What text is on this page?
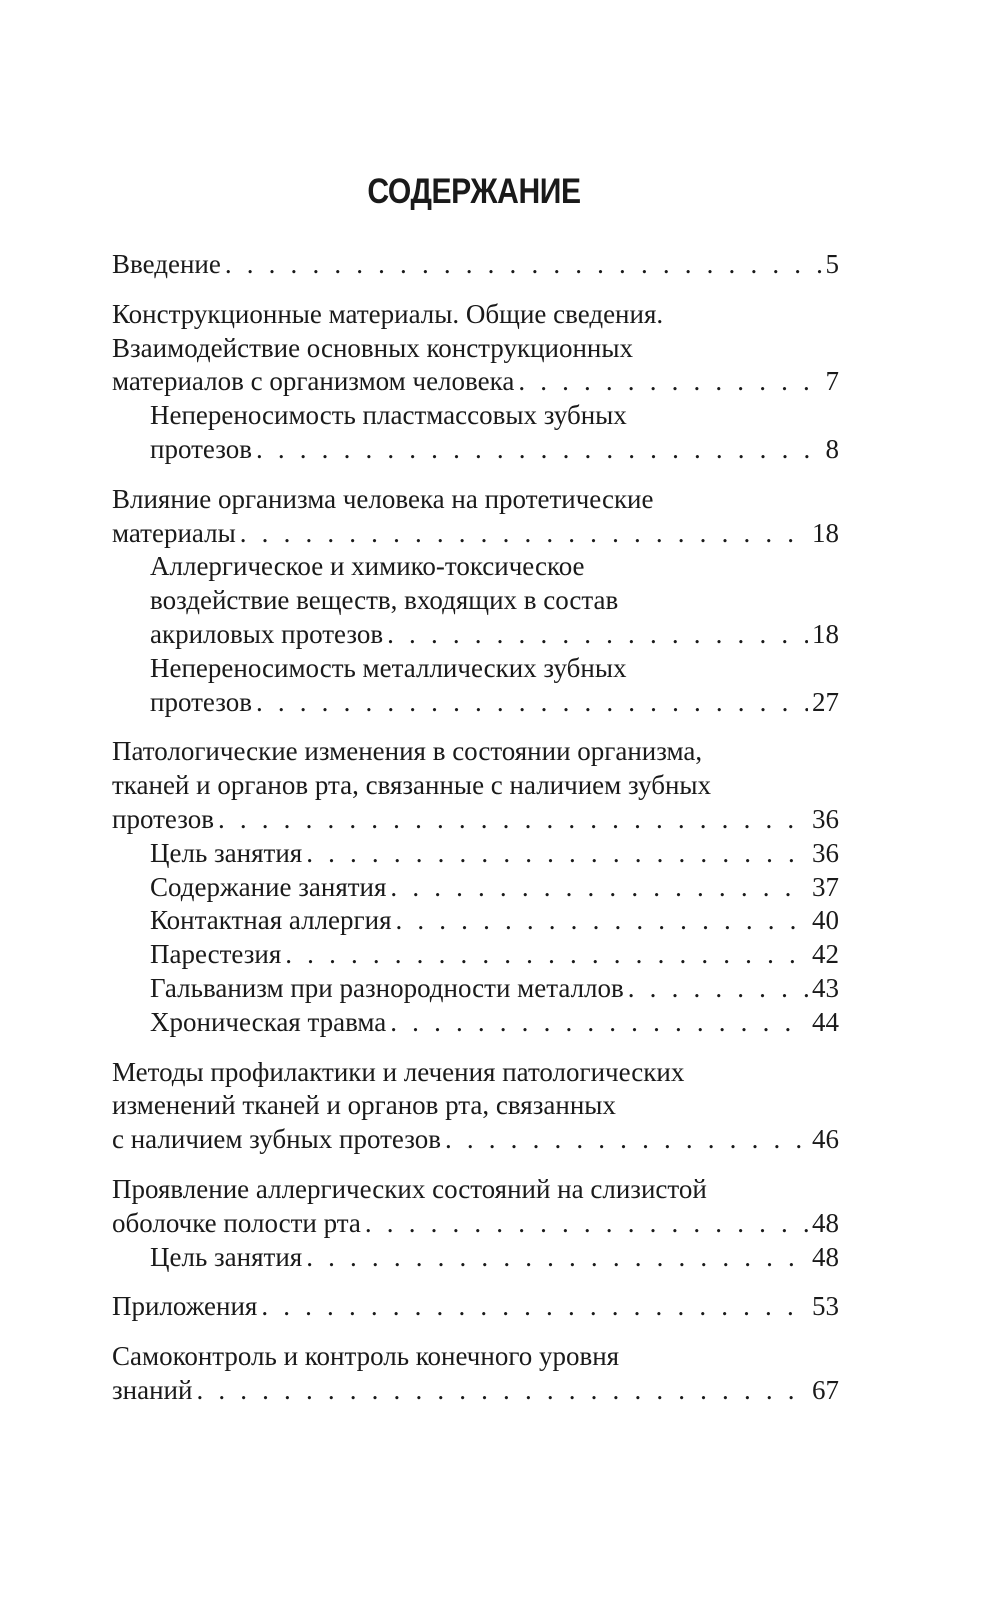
СОДЕРЖАНИЕ
Введение . . .	5
Конструкционные материалы. Общие сведения.
Взаимодействие основных конструкционных
материалов с организмом человека . . .	7
Непереносимость пластмассовых зубных
протезов . . .	8
Влияние организма человека на протетические
материалы . . .	18
Аллергическое и химико-токсическое
воздействие веществ, входящих в состав
акриловых протезов . . .	18
Непереносимость металлических зубных
протезов . . .	27
Патологические изменения в состоянии организма,
тканей и органов рта, связанные с наличием зубных
протезов . . .	36
Цель занятия . . .	36
Содержание занятия . . .	37
Контактная аллергия . . .	40
Парестезия . . .	42
Гальванизм при разнородности металлов . . .	43
Хроническая травма . . .	44
Методы профилактики и лечения патологических
изменений тканей и органов рта, связанных
с наличием зубных протезов . . .	46
Проявление аллергических состояний на слизистой
оболочке полости рта . . .	48
Цель занятия . . .	48
Приложения . . .	53
Самоконтроль и контроль конечного уровня
знаний . . .	67
